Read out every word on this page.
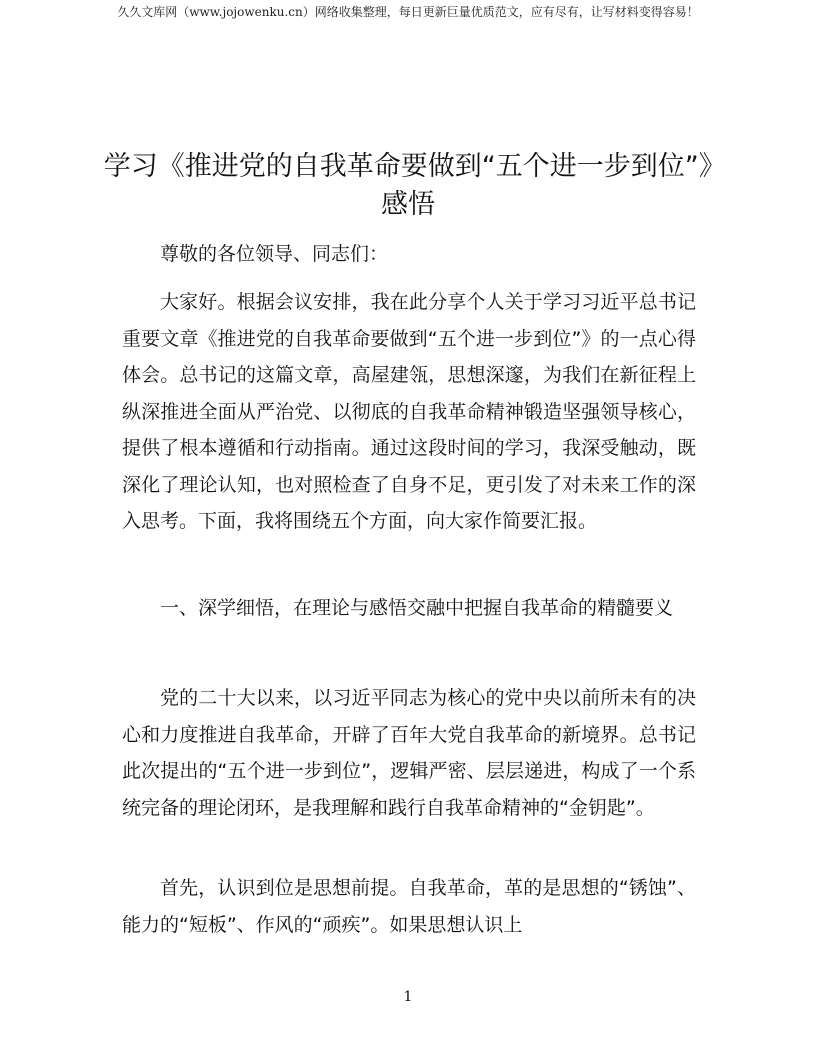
久久文库网（www.jojowenku.cn）网络收集整理，每日更新巨量优质范文，应有尽有，让写材料变得容易！
学习《推进党的自我革命要做到“五个进一步到位”》感悟

尊敬的各位领导、同志们：

大家好。根据会议安排，我在此分享个人关于学习习近平总书记重要文章《推进党的自我革命要做到“五个进一步到位”》的一点心得体会。总书记的这篇文章，高屋建瓴，思想深邃，为我们在新征程上纵深推进全面从严治党、以彻底的自我革命精神锻造坚强领导核心，提供了根本遵循和行动指南。通过这段时间的学习，我深受触动，既深化了理论认知，也对照检查了自身不足，更引发了对未来工作的深入思考。下面，我将围绕五个方面，向大家作简要汇报。

一、深学细悟，在理论与感悟交融中把握自我革命的精髓要义

党的二十大以来，以习近平同志为核心的党中央以前所未有的决心和力度推进自我革命，开辟了百年大党自我革命的新境界。总书记此次提出的“五个进一步到位”，逻辑严密、层层递进，构成了一个系统完备的理论闭环，是我理解和践行自我革命精神的“金钥匙”。

首先，认识到位是思想前提。自我革命，革的是思想的“锈蚀”、能力的“短板”、作风的“顽疾”。如果思想认识上

1
